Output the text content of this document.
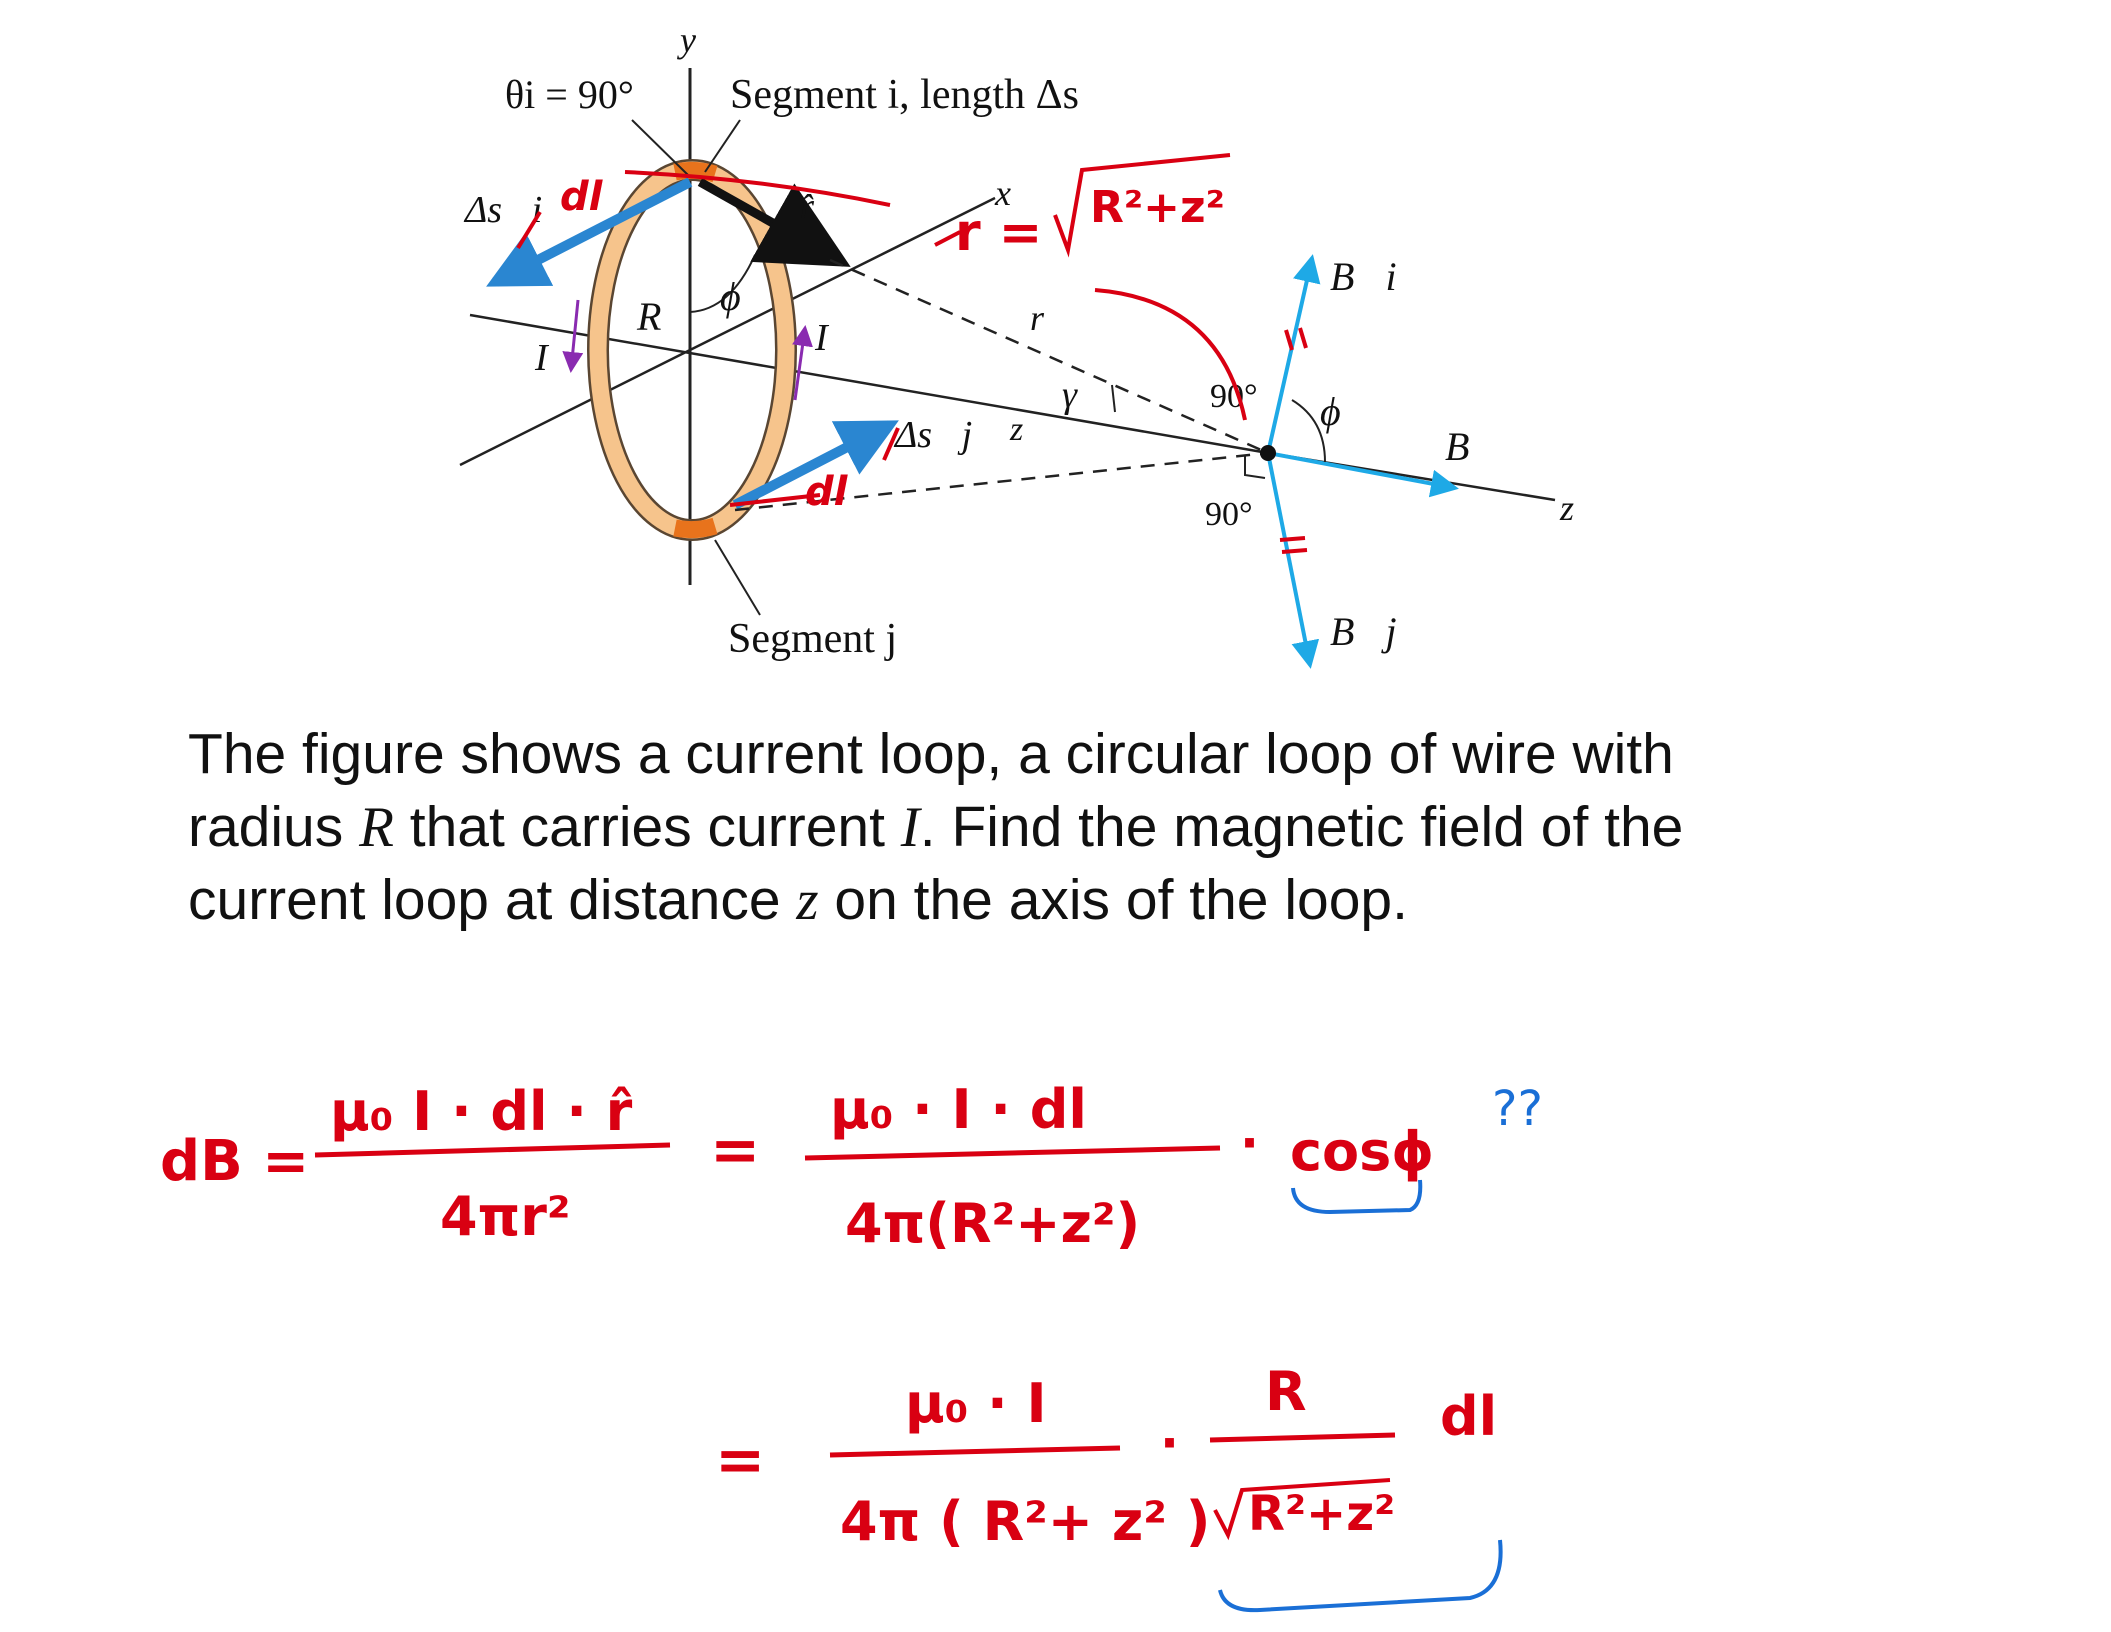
y
x
z
z
I	I
R ϕ
θi = 90° Segment i, length Δs
Segment j
Δs⃗i
Δs⃗j
r̂
r
γ	90°
90°
B⃗i
B⃗j
B⃗
ϕ
dl
dl
r = R²+z²
dB =
μ₀ I · dl · r̂
4πr²
=
μ₀ · I · dl
4π(R²+z²)
· cosϕ
??
=
μ₀ · I
4π ( R²+ z² )
·
R
R²+z²
dl

The figure shows a current loop, a circular loop of wire with
radius R that carries current I. Find the magnetic field of the
current loop at distance z on the axis of the loop.
